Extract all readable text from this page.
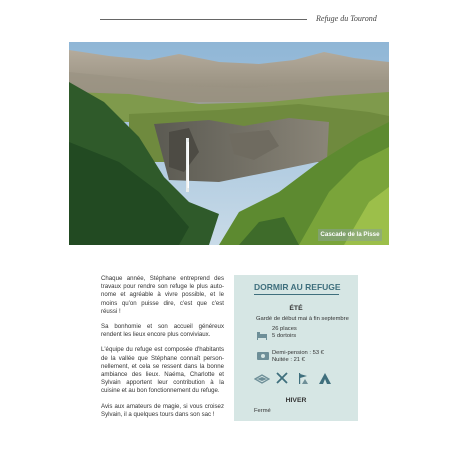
Refuge du Tourond
Cascade de la Pisse

Chaque année, Stéphane entreprend des travaux pour rendre son refuge le plus auto-nome et agréable à vivre possible, et le moins qu'on puisse dire, c'est que c'est réussi !

Sa bonhomie et son accueil généreux rendent les lieux encore plus conviviaux.

L'équipe du refuge est composée d'habitants de la vallée que Stéphane connaît person-nellement, et cela se ressent dans la bonne ambiance des lieux. Naéma, Charlotte et Sylvain apportent leur contribution à la cuisine et au bon fonctionnement du refuge.

Avis aux amateurs de magie, si vous croisez Sylvain, il a quelques tours dans son sac !

DORMIR AU REFUGE
ÉTÉ
Gardé de début mai à fin septembre
26 places
5 dortoirs
Demi-pension : 53 €
Nuitée : 21 €
HIVER
Fermé
